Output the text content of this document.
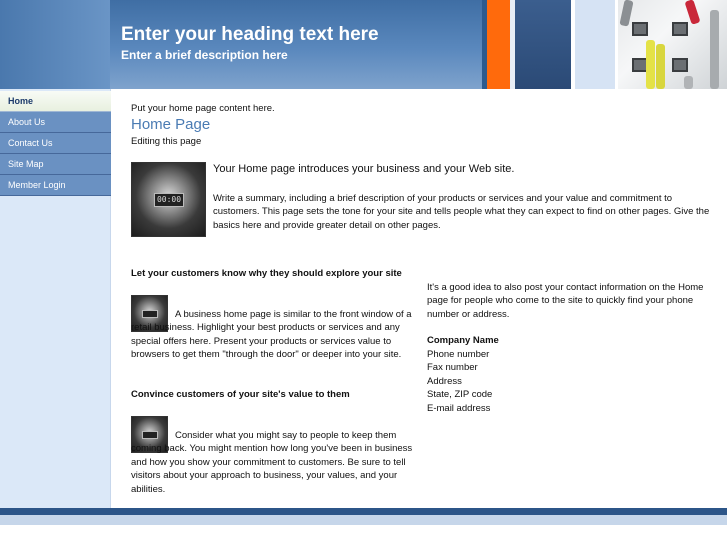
Enter your heading text here
Enter a brief description here
Home
About Us
Contact Us
Site Map
Member Login
Put your home page content here.
Home Page
Editing this page
00:00
Your Home page introduces your business and your Web site.
Write a summary, including a brief description of your products or services and your value and commitment to customers. This page sets the tone for your site and tells people what they can expect to find on other pages. Give the basics here and provide greater detail on other pages.
Let your customers know why they should explore your site
A business home page is similar to the front window of a retail business. Highlight your best products or services and any special offers here. Present your products or services value to browsers to get them "through the door" or deeper into your site.
Convince customers of your site's value to them
Consider what you might say to people to keep them coming back. You might mention how long you've been in business and how you show your commitment to customers. Be sure to tell visitors about your approach to business, your values, and your abilities.
It's a good idea to also post your contact information on the Home page for people who come to the site to quickly find your phone number or address.
Company Name
Phone number
Fax number
Address
State, ZIP code
E-mail address
